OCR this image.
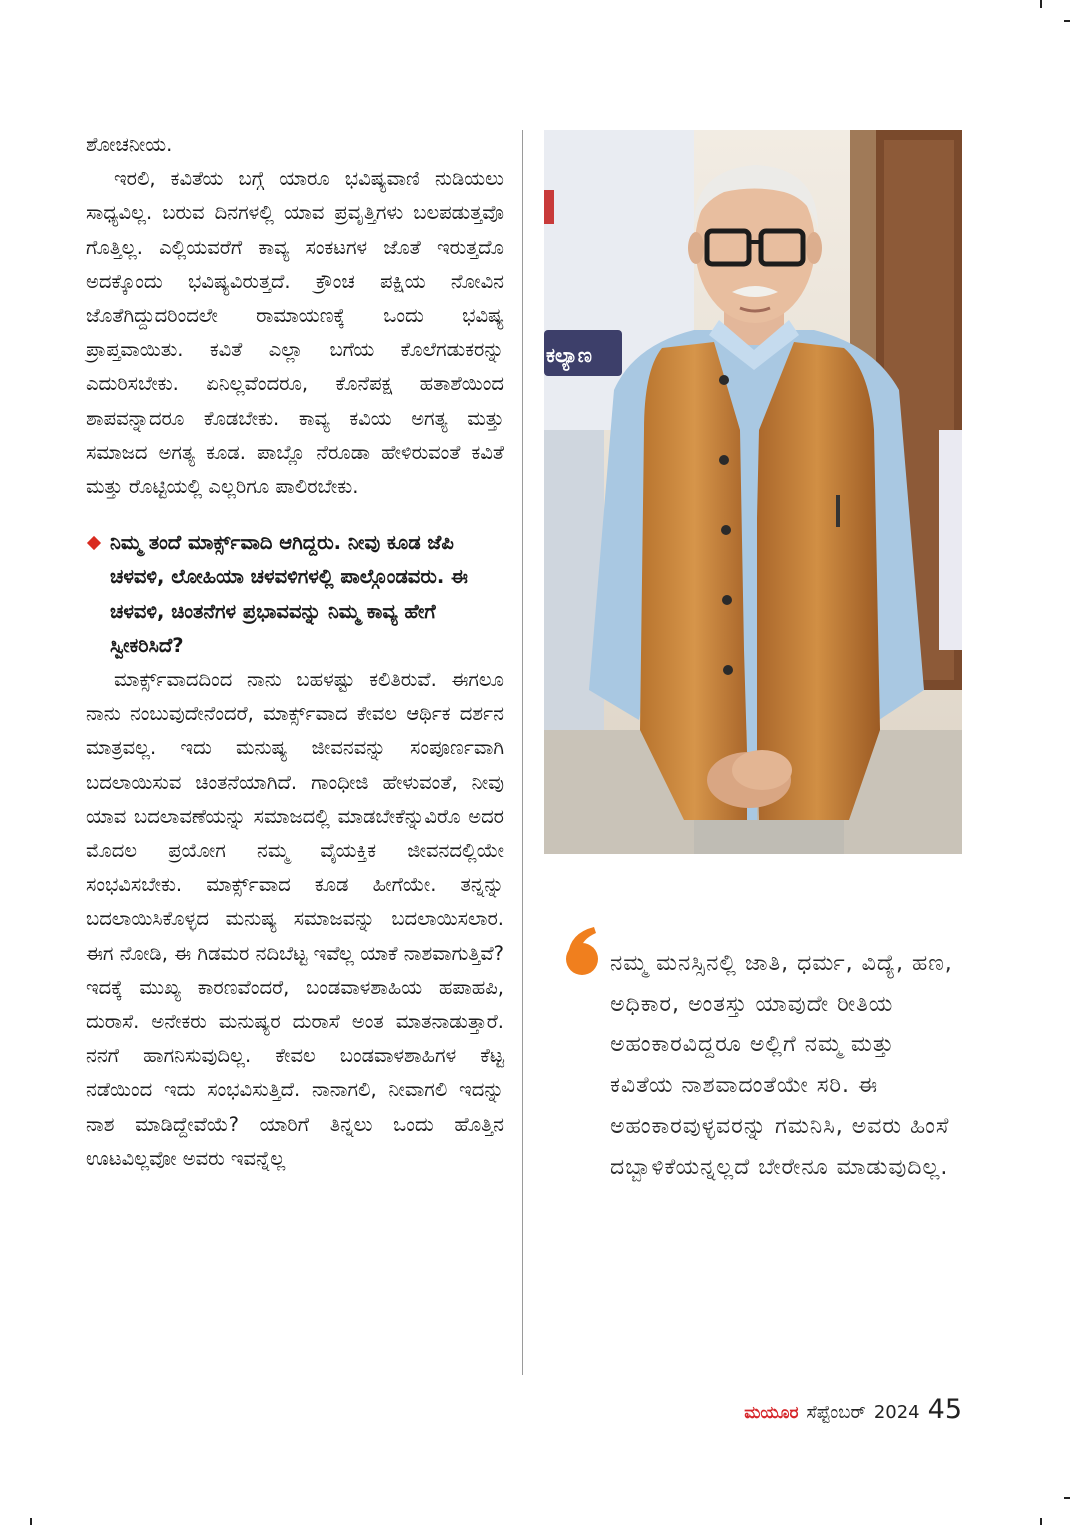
ಶೋಚನೀಯ.

ಇರಲಿ, ಕವಿತೆಯ ಬಗ್ಗೆ ಯಾರೂ ಭವಿಷ್ಯವಾಣಿ ನುಡಿಯಲು ಸಾಧ್ಯವಿಲ್ಲ. ಬರುವ ದಿನಗಳಲ್ಲಿ ಯಾವ ಪ್ರವೃತ್ತಿಗಳು ಬಲಪಡುತ್ತವೊ ಗೊತ್ತಿಲ್ಲ. ಎಲ್ಲಿಯವರೆಗೆ ಕಾವ್ಯ ಸಂಕಟಗಳ ಜೊತೆ ಇರುತ್ತದೊ ಅದಕ್ಕೊಂದು ಭವಿಷ್ಯವಿರುತ್ತದೆ. ಕ್ರೌಂಚ ಪಕ್ಷಿಯ ನೋವಿನ ಜೊತೆಗಿದ್ದುದರಿಂದಲೇ ರಾಮಾಯಣಕ್ಕೆ ಒಂದು ಭವಿಷ್ಯ ಪ್ರಾಪ್ತವಾಯಿತು. ಕವಿತೆ ಎಲ್ಲಾ ಬಗೆಯ ಕೊಲೆಗಡುಕರನ್ನು ಎದುರಿಸಬೇಕು. ಏನಿಲ್ಲವೆಂದರೂ, ಕೊನೆಪಕ್ಷ ಹತಾಶೆಯಿಂದ ಶಾಪವನ್ನಾದರೂ ಕೊಡಬೇಕು. ಕಾವ್ಯ ಕವಿಯ ಅಗತ್ಯ ಮತ್ತು ಸಮಾಜದ ಅಗತ್ಯ ಕೂಡ. ಪಾಬ್ಲೊ ನೆರೂಡಾ ಹೇಳಿರುವಂತೆ ಕವಿತೆ ಮತ್ತು ರೊಟ್ಟಿಯಲ್ಲಿ ಎಲ್ಲರಿಗೂ ಪಾಲಿರಬೇಕು.

ನಿಮ್ಮ ತಂದೆ ಮಾರ್ಕ್ಸ್‌ವಾದಿ ಆಗಿದ್ದರು. ನೀವು ಕೂಡ ಜೆಪಿ ಚಳವಳಿ, ಲೋಹಿಯಾ ಚಳವಳಿಗಳಲ್ಲಿ ಪಾಲ್ಗೊಂಡವರು. ಈ ಚಳವಳಿ, ಚಿಂತನೆಗಳ ಪ್ರಭಾವವನ್ನು ನಿಮ್ಮ ಕಾವ್ಯ ಹೇಗೆ ಸ್ವೀಕರಿಸಿದೆ?

ಮಾರ್ಕ್ಸ್‌ವಾದದಿಂದ ನಾನು ಬಹಳಷ್ಟು ಕಲಿತಿರುವೆ. ಈಗಲೂ ನಾನು ನಂಬುವುದೇನೆಂದರೆ, ಮಾರ್ಕ್ಸ್‌ವಾದ ಕೇವಲ ಆರ್ಥಿಕ ದರ್ಶನ ಮಾತ್ರವಲ್ಲ. ಇದು ಮನುಷ್ಯ ಜೀವನವನ್ನು ಸಂಪೂರ್ಣವಾಗಿ ಬದಲಾಯಿಸುವ ಚಿಂತನೆಯಾಗಿದೆ. ಗಾಂಧೀಜಿ ಹೇಳುವಂತೆ, ನೀವು ಯಾವ ಬದಲಾವಣೆಯನ್ನು ಸಮಾಜದಲ್ಲಿ ಮಾಡಬೇಕೆನ್ನುವಿರೊ ಅದರ ಮೊದಲ ಪ್ರಯೋಗ ನಮ್ಮ ವೈಯಕ್ತಿಕ ಜೀವನದಲ್ಲಿಯೇ ಸಂಭವಿಸಬೇಕು. ಮಾರ್ಕ್ಸ್‌ವಾದ ಕೂಡ ಹೀಗೆಯೇ. ತನ್ನನ್ನು ಬದಲಾಯಿಸಿಕೊಳ್ಳದ ಮನುಷ್ಯ ಸಮಾಜವನ್ನು ಬದಲಾಯಿಸಲಾರ. ಈಗ ನೋಡಿ, ಈ ಗಿಡಮರ ನದಿಬೆಟ್ಟ ಇವೆಲ್ಲ ಯಾಕೆ ನಾಶವಾಗುತ್ತಿವೆ? ಇದಕ್ಕೆ ಮುಖ್ಯ ಕಾರಣವೆಂದರೆ, ಬಂಡವಾಳಶಾಹಿಯ ಹಪಾಹಪಿ, ದುರಾಸೆ. ಅನೇಕರು ಮನುಷ್ಯರ ದುರಾಸೆ ಅಂತ ಮಾತನಾಡುತ್ತಾರೆ. ನನಗೆ ಹಾಗನಿಸುವುದಿಲ್ಲ. ಕೇವಲ ಬಂಡವಾಳಶಾಹಿಗಳ ಕೆಟ್ಟ ನಡೆಯಿಂದ ಇದು ಸಂಭವಿಸುತ್ತಿದೆ. ನಾನಾಗಲಿ, ನೀವಾಗಲಿ ಇದನ್ನು ನಾಶ ಮಾಡಿದ್ದೇವೆಯೆ? ಯಾರಿಗೆ ತಿನ್ನಲು ಒಂದು ಹೊತ್ತಿನ ಊಟವಿಲ್ಲವೋ ಅವರು ಇವನ್ನೆಲ್ಲ

ಕಲ್ಯಾಣ
ನಮ್ಮ ಮನಸ್ಸಿನಲ್ಲಿ ಜಾತಿ, ಧರ್ಮ, ವಿದ್ಯೆ, ಹಣ, ಅಧಿಕಾರ, ಅಂತಸ್ತು ಯಾವುದೇ ರೀತಿಯ ಅಹಂಕಾರವಿದ್ದರೂ ಅಲ್ಲಿಗೆ ನಮ್ಮ ಮತ್ತು ಕವಿತೆಯ ನಾಶವಾದಂತೆಯೇ ಸರಿ. ಈ ಅಹಂಕಾರವುಳ್ಳವರನ್ನು ಗಮನಿಸಿ, ಅವರು ಹಿಂಸೆ ದಬ್ಬಾಳಿಕೆಯನ್ನಲ್ಲದೆ ಬೇರೇನೂ ಮಾಡುವುದಿಲ್ಲ.
ಮಯೂರ ಸೆಪ್ಟೆಂಬರ್ 2024 45
